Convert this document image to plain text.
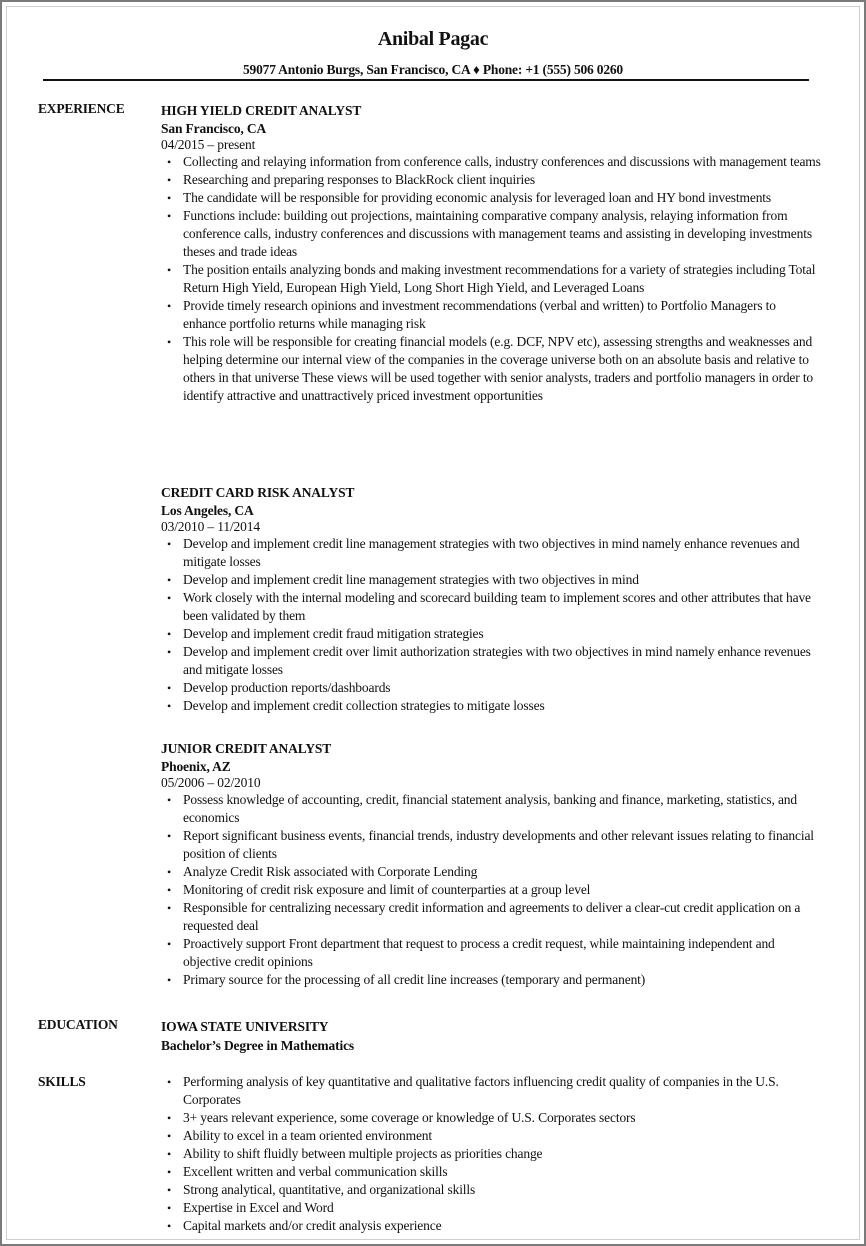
Anibal Pagac
59077 Antonio Burgs, San Francisco, CA ♦ Phone: +1 (555) 506 0260
EXPERIENCE	HIGH YIELD CREDIT ANALYST
San Francisco, CA
04/2015 – present
• Collecting and relaying information from conference calls, industry conferences and discussions with management teams
• Researching and preparing responses to BlackRock client inquiries
• The candidate will be responsible for providing economic analysis for leveraged loan and HY bond investments
• Functions include: building out projections, maintaining comparative company analysis, relaying information from conference calls, industry conferences and discussions with management teams and assisting in developing investments theses and trade ideas
• The position entails analyzing bonds and making investment recommendations for a variety of strategies including Total Return High Yield, European High Yield, Long Short High Yield, and Leveraged Loans
• Provide timely research opinions and investment recommendations (verbal and written) to Portfolio Managers to enhance portfolio returns while managing risk
• This role will be responsible for creating financial models (e.g. DCF, NPV etc), assessing strengths and weaknesses and helping determine our internal view of the companies in the coverage universe both on an absolute basis and relative to others in that universe These views will be used together with senior analysts, traders and portfolio managers in order to identify attractive and unattractively priced investment opportunities
CREDIT CARD RISK ANALYST
Los Angeles, CA
03/2010 – 11/2014
• Develop and implement credit line management strategies with two objectives in mind namely enhance revenues and mitigate losses
• Develop and implement credit line management strategies with two objectives in mind
• Work closely with the internal modeling and scorecard building team to implement scores and other attributes that have been validated by them
• Develop and implement credit fraud mitigation strategies
• Develop and implement credit over limit authorization strategies with two objectives in mind namely enhance revenues and mitigate losses
• Develop production reports/dashboards
• Develop and implement credit collection strategies to mitigate losses
JUNIOR CREDIT ANALYST
Phoenix, AZ
05/2006 – 02/2010
• Possess knowledge of accounting, credit, financial statement analysis, banking and finance, marketing, statistics, and economics
• Report significant business events, financial trends, industry developments and other relevant issues relating to financial position of clients
• Analyze Credit Risk associated with Corporate Lending
• Monitoring of credit risk exposure and limit of counterparties at a group level
• Responsible for centralizing necessary credit information and agreements to deliver a clear-cut credit application on a requested deal
• Proactively support Front department that request to process a credit request, while maintaining independent and objective credit opinions
• Primary source for the processing of all credit line increases (temporary and permanent)
EDUCATION	IOWA STATE UNIVERSITY
Bachelor’s Degree in Mathematics
SKILLS	• Performing analysis of key quantitative and qualitative factors influencing credit quality of companies in the U.S. Corporates
• 3+ years relevant experience, some coverage or knowledge of U.S. Corporates sectors
• Ability to excel in a team oriented environment
• Ability to shift fluidly between multiple projects as priorities change
• Excellent written and verbal communication skills
• Strong analytical, quantitative, and organizational skills
• Expertise in Excel and Word
• Capital markets and/or credit analysis experience
